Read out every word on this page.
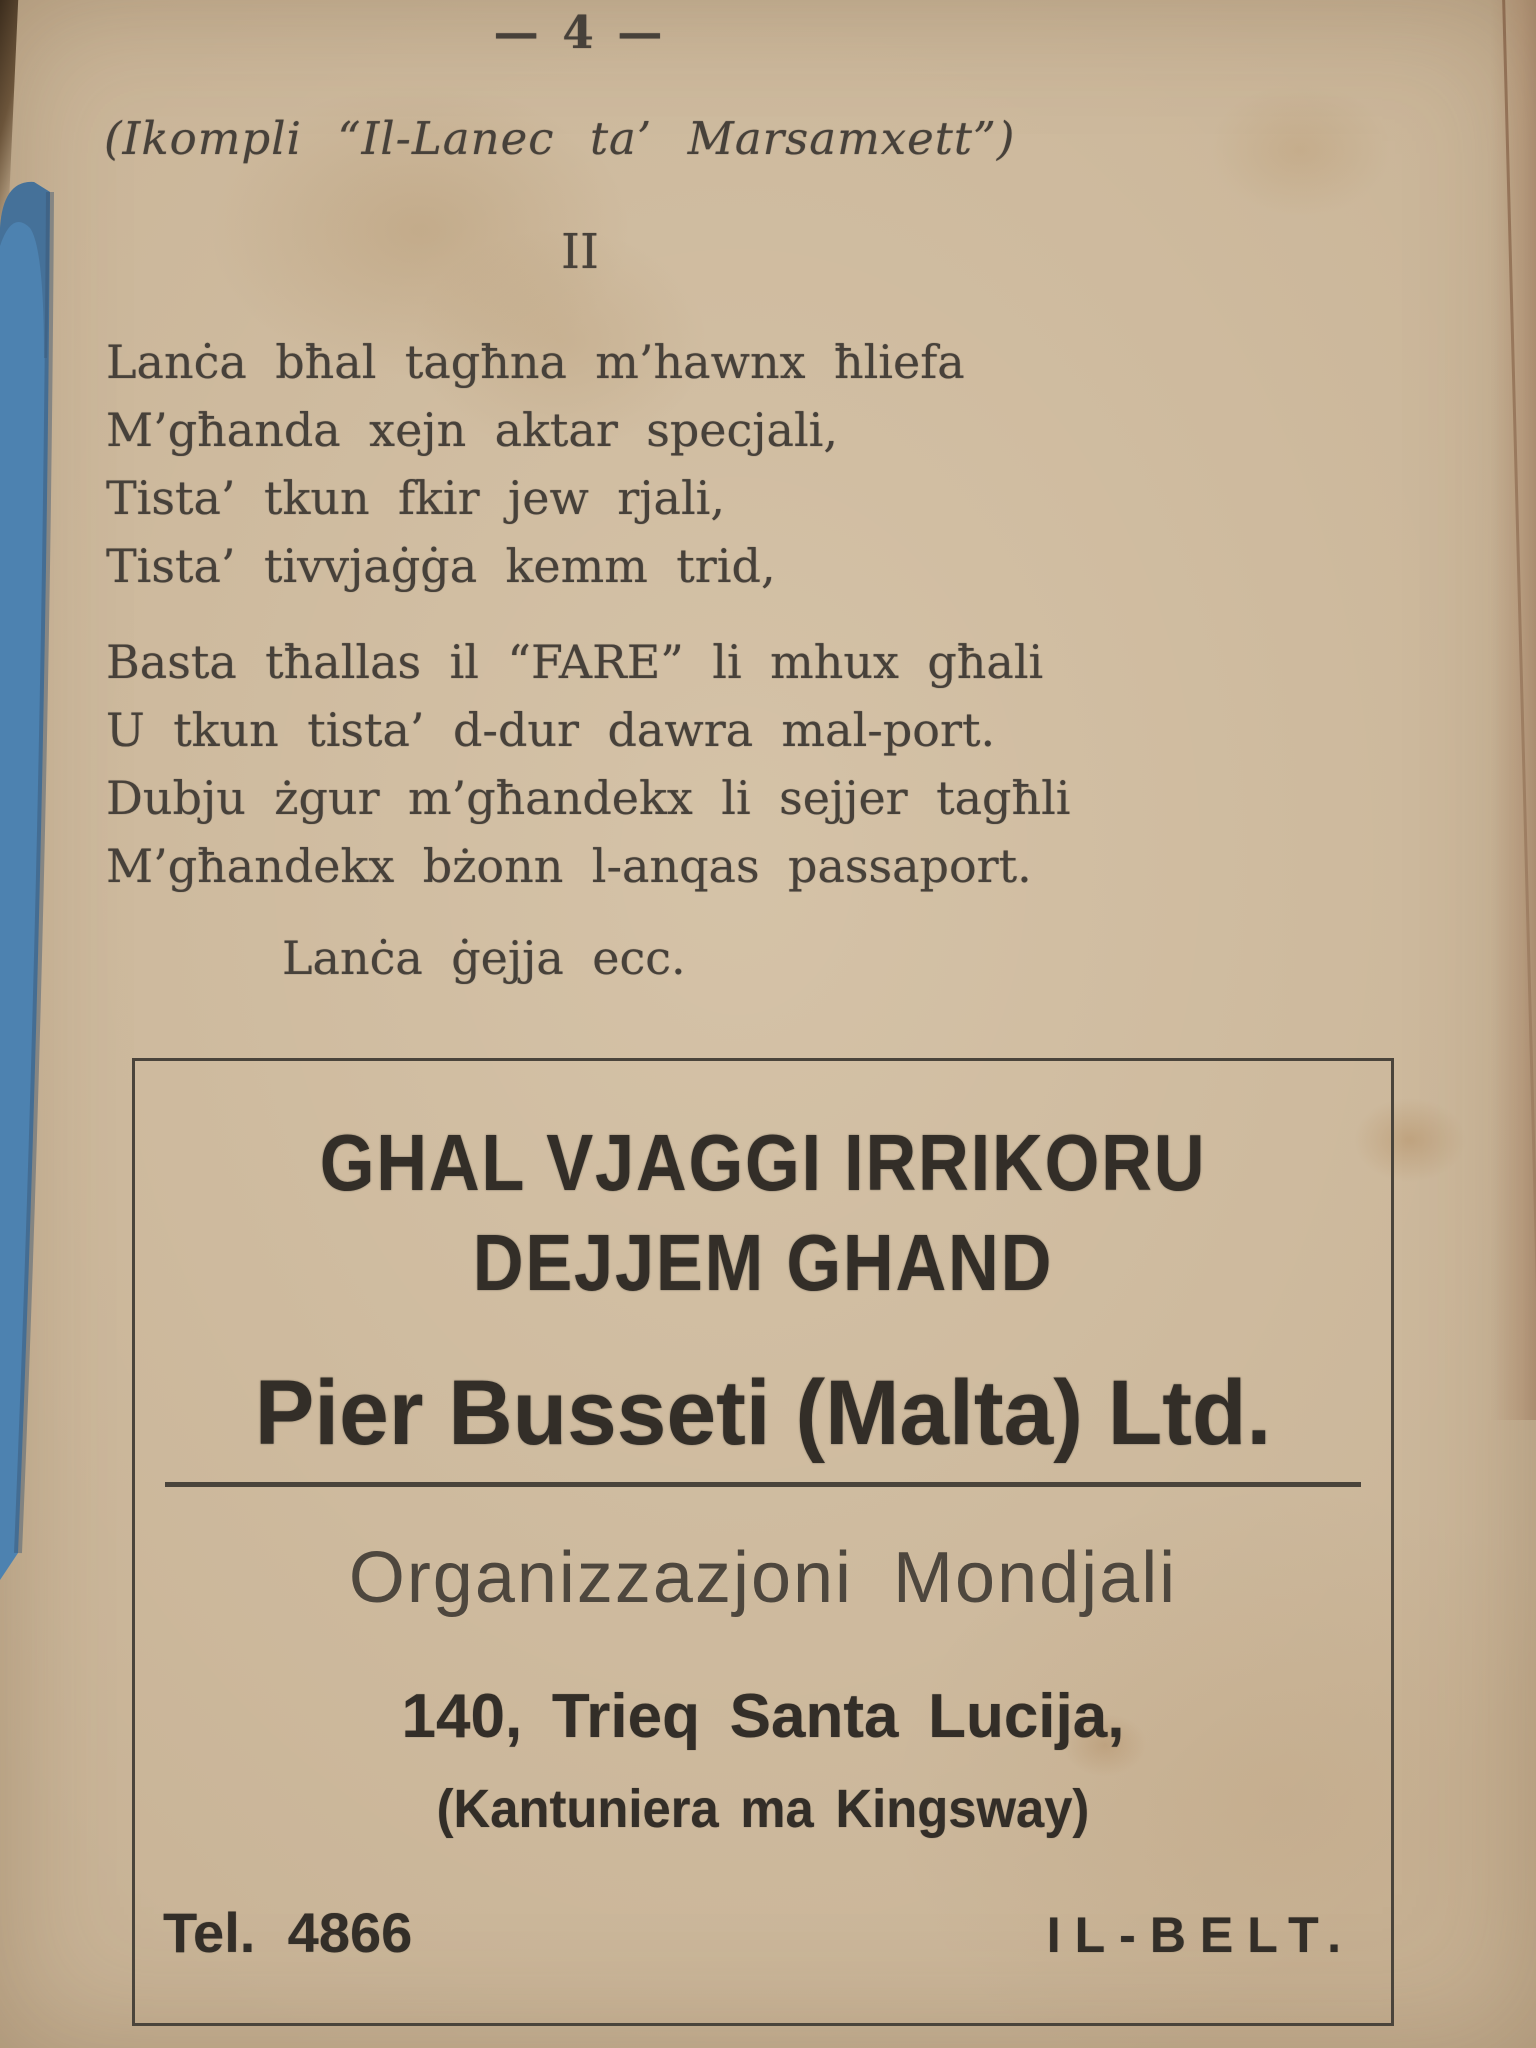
— 4 —
(Ikompli “Il-Lanec ta’ Marsamxett”)
II
Lanċa bħal tagħna m’hawnx ħliefa
M’għanda xejn aktar specjali,
Tista’ tkun fkir jew rjali,
Tista’ tivvjaġġa kemm trid,
Basta tħallas il “FARE” li mhux għali
U tkun tista’ d-dur dawra mal-port.
Dubju żgur m’għandekx li sejjer tagħli
M’għandekx bżonn l-anqas passaport.
Lanċa ġejja ecc.
GHAL VJAGGI IRRIKORU
DEJJEM GHAND
Pier Busseti (Malta) Ltd.
Organizzazjoni Mondjali
140, Trieq Santa Lucija,
(Kantuniera ma Kingsway)
Tel. 4866	IL-BELT.
